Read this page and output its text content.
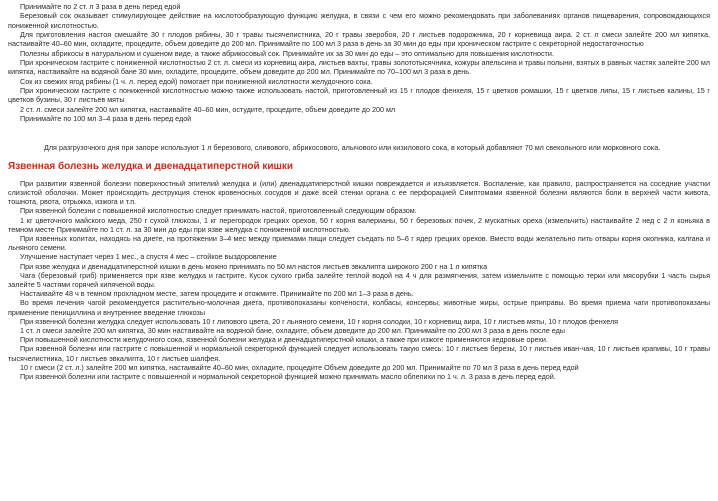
Принимайте по 2 ст. л 3 раза в день перед едой

Березовый сок оказывает стимулирующее действие на кислотообразующую функцию желудка, в связи с чем его можно рекомендовать при заболеваниях органов пищеварения, сопровождающихся пониженной кислотностью.

Для приготовления настоя смешайте 30 г плодов рябины, 30 г травы тысячелистника, 20 г травы зверобоя, 20 г листьев подорожника, 20 г корневища аира. 2 ст. л смеси залейте 200 мл кипятка, настаивайте 40–60 мин, охладите, процедите, объем доведите до 200 мл. Принимайте по 100 мл 3 раза в день за 30 мин до еды при хроническом гастрите с секреторной недостаточностью

Полезны абрикосы в натуральном и сушеном виде, а также абрикосовый сок. Принимайте их за 30 мин до еды – это оптимально для повышения кислотности.

При хроническом гастрите с пониженной кислотностью 2 ст. л. смеси из корневищ аира, листьев вахты, травы золототысячника, кожуры апельсина и травы полыни, взятых в равных частях залейте 200 мл кипятка, настаивайте на водяной бане 30 мин, охладите, процедите, объем доведите до 200 мл. Принимайте по 70–100 мл 3 раза в день.

Сок из свежих ягод рябины (1 ч. л. перед едой) помогает при пониженной кислотности желудочного сока.

При хроническом гастрите с пониженной кислотностью можно также использовать настой, приготовленный из 15 г плодов фенхеля, 15 г цветков ромашки, 15 г цветков липы, 15 г листьев калины, 15 г цветков бузины, 30 г листьев мяты

2 ст. л. смеси залейте 200 мл кипятка, настаивайте 40–60 мин, остудите, процедите, объем доведите до 200 мл

Принимайте по 100 мл 3–4 раза в день перед едой

Для разгрузочного дня при запоре используют 1 л березового, сливового, абрикосового, алычового или кизилового сока, в который добавляют 70 мл свекольного или морковного сока.

Язвенная болезнь желудка и двенадцатиперстной кишки

При развитии язвенной болезни поверхностный эпителий желудка и (или) двенадцатиперстной кишки повреждается и изъязвляется. Воспаление, как правило, распространяется на соседние участки слизистой оболочки. Может происходить деструкция стенок кровеносных сосудов и даже всей стенки органа с ее перфорацией Симптомами язвенной болезни являются боли в верхней части живота, тошнота, рвота, отрыжка, изжога и т.п.

При язвенной болезни с повышенной кислотностью следует принимать настой, приготовленный следующим образом.

1 кг цветочного майского меда, 250 г сухой глюкозы, 1 кг перегородок грецких орехов, 50 г корня валерианы, 50 г березовых почек, 2 мускатных ореха (измельчить) настаивайте 2 нед с 2 л коньяка в темном месте Принимайте по 1 ст. л. за 30 мин до еды при язве желудка с пониженной кислотностью.

При язвенных колитах, находясь на диете, на протяжении 3–4 мес между приемами пищи следует съедать по 5–6 г ядер грецких орехов. Вместо воды желательно пить отвары корня окопника, калгана и льняного семени.

Улучшение наступает через 1 мес., а спустя 4 мес – стойкое выздоровление

При язве желудка и двенадцатиперстной кишки в день можно принимать по 50 мл настоя листьев эвкалипта широкого 200 г на 1 л кипятка

Чага (березовый гриб) применяется при язве желудка и гастрите. Кусок сухого гриба залейте теплой водой на 4 ч для размягчения, затем измельчите с помощью терки или мясорубки 1 часть сырья залейте 5 частями горячей кипяченой воды.

Настаивайте 48 ч в темном прохладном месте, затем процедите и отожмите. Принимайте по 200 мл 1–3 раза в день.

Во время лечения чагой рекомендуется растительно-молочная диета, противопоказаны копчености, колбасы, консервы, животные жиры, острые приправы. Во время приема чаги противопоказаны применение пенициллина и внутреннее введение глюкозы

При язвенной болезни желудка следует использовать 10 г липового цвета, 20 г льняного семени, 10 г корня солодки, 10 г корневищ аира, 10 г листьев мяты, 10 г плодов фенхеля

1 ст. л смеси залейте 200 мл кипятка, 30 мин настаивайте на водяной бане, охладите, объем доведите до 200 мл. Принимайте по 200 мл 3 раза в день после еды

При повышенной кислотности желудочного сока, язвенной болезни желудка и двенадцатиперстной кишки, а также при изжоге применяются кедровые орехи.

При язвенной болезни или гастрите с повышенной и нормальной секреторной функцией следует использовать такую смесь: 10 г листьев березы, 10 г листьев иван-чая, 10 г листьев крапивы, 10 г травы тысячелистника, 10 г листьев эвкалипта, 10 г листьев шалфея.

10 г смеси (2 ст. л.) залейте 200 мл кипятка, настаивайте 40–60 мин, охладите, процедите Объем доведите до 200 мл. Принимайте по 70 мл 3 раза в день перед едой

При язвенной болезни или гастрите с повышенной и нормальной секреторной функцией можно принимать масло облепихи по 1 ч. л. 3 раза в день перед едой.
